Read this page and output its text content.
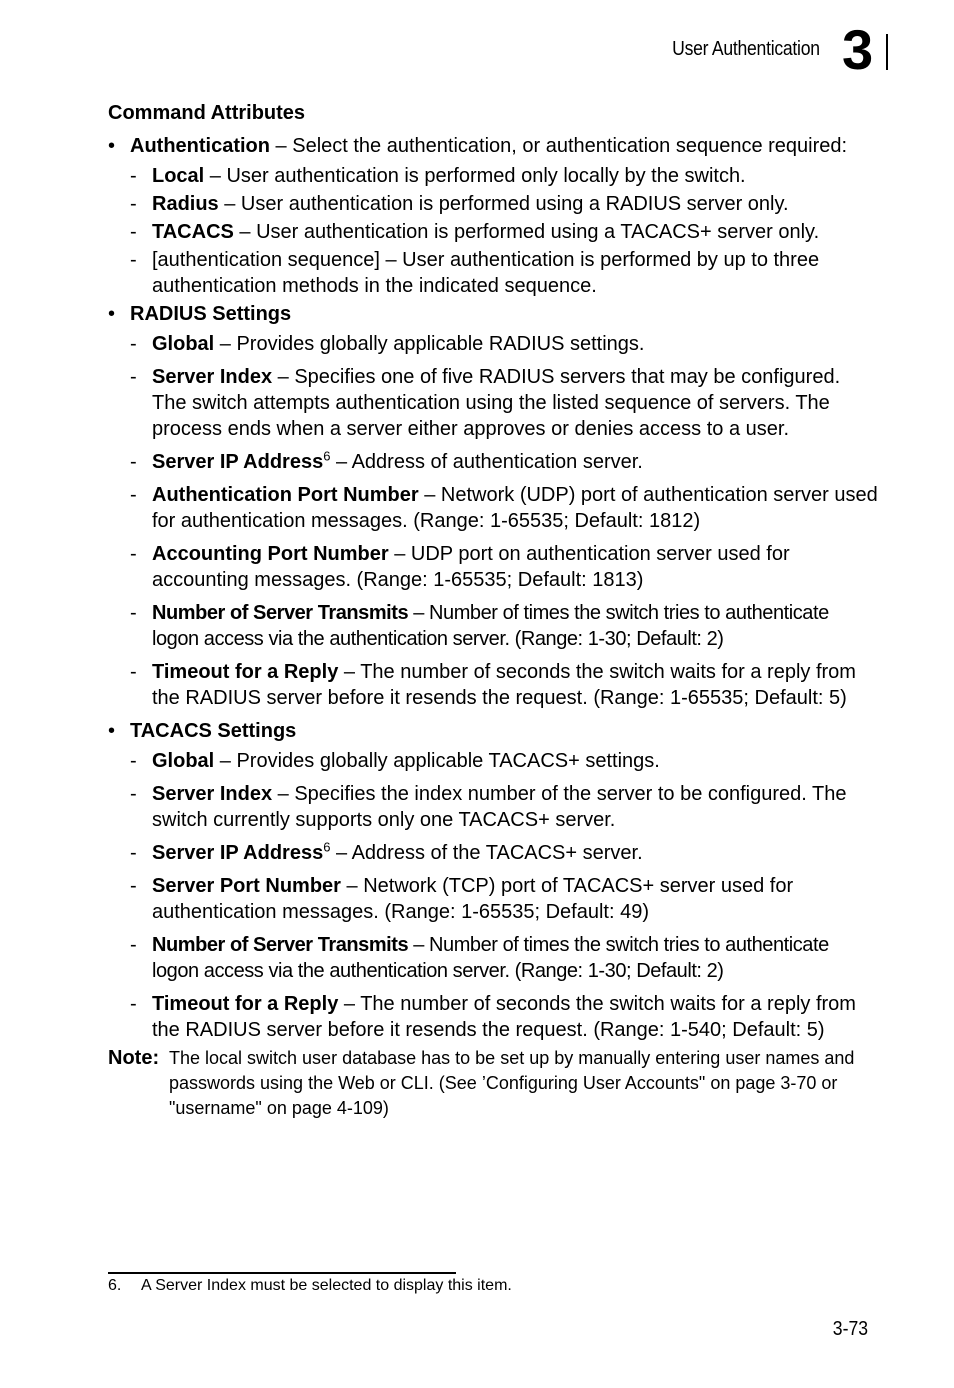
User Authentication 3
Command Attributes
• Authentication – Select the authentication, or authentication sequence required:
- Local – User authentication is performed only locally by the switch.
- Radius – User authentication is performed using a RADIUS server only.
- TACACS – User authentication is performed using a TACACS+ server only.
- [authentication sequence] – User authentication is performed by up to three authentication methods in the indicated sequence.
• RADIUS Settings
- Global – Provides globally applicable RADIUS settings.
- Server Index – Specifies one of five RADIUS servers that may be configured. The switch attempts authentication using the listed sequence of servers. The process ends when a server either approves or denies access to a user.
- Server IP Address$^6$ – Address of authentication server.
- Authentication Port Number – Network (UDP) port of authentication server used for authentication messages. (Range: 1-65535; Default: 1812)
- Accounting Port Number – UDP port on authentication server used for accounting messages. (Range: 1-65535; Default: 1813)
- Number of Server Transmits – Number of times the switch tries to authenticate logon access via the authentication server. (Range: 1-30; Default: 2)
- Timeout for a Reply – The number of seconds the switch waits for a reply from the RADIUS server before it resends the request. (Range: 1-65535; Default: 5)
• TACACS Settings
- Global – Provides globally applicable TACACS+ settings.
- Server Index – Specifies the index number of the server to be configured. The switch currently supports only one TACACS+ server.
- Server IP Address$^6$ – Address of the TACACS+ server.
- Server Port Number – Network (TCP) port of TACACS+ server used for authentication messages. (Range: 1-65535; Default: 49)
- Number of Server Transmits – Number of times the switch tries to authenticate logon access via the authentication server. (Range: 1-30; Default: 2)
- Timeout for a Reply – The number of seconds the switch waits for a reply from the RADIUS server before it resends the request. (Range: 1-540; Default: 5)
Note: The local switch user database has to be set up by manually entering user names and passwords using the Web or CLI. (See ’Configuring User Accounts" on page 3-70 or "username" on page 4-109)
6. A Server Index must be selected to display this item.
3-73
